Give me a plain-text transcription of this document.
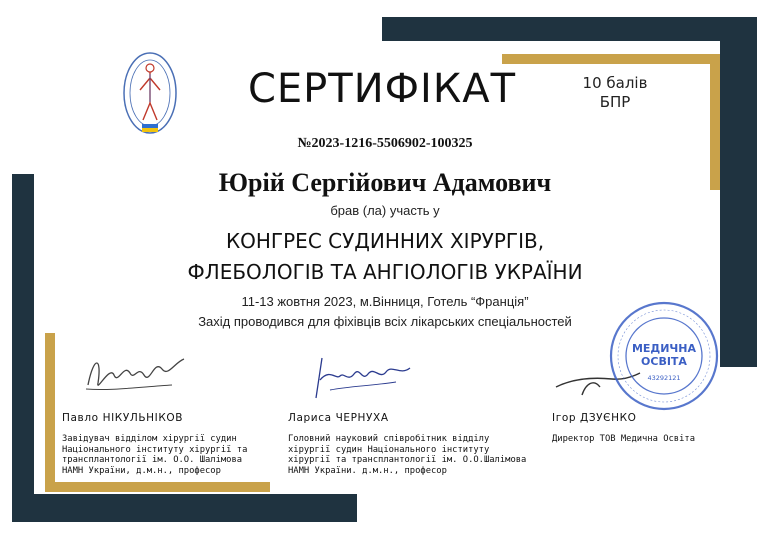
СЕРТИФІКАТ	10 балів
БПР
№2023-1216-5506902-100325
Юрій Сергійович Адамович
брав (ла) участь у
КОНГРЕС СУДИННИХ ХІРУРГІВ,
ФЛЕБОЛОГІВ ТА АНГІОЛОГІВ УКРАЇНИ
11-13 жовтня 2023, м.Вінниця, Готель “Франція”
Захід проводився для фіхівців всіх лікарських спеціальностей
МЕДИЧНА
ОСВІТА
43292121
Павло НІКУЛЬНІКОВ
Завідувач відділом хірургії судин
Національного інституту хірургії та
трансплантології ім. О.О. Шалімова
НАМН України, д.м.н., професор
Лариса ЧЕРНУХА
Головний науковий співробітник відділу
хірургії судин Національного інституту
хірургії та трансплантології ім. О.О.Шалімова
НАМН України. д.м.н., професор
Ігор ДЗУЄНКО
Директор ТОВ Медична Освіта
